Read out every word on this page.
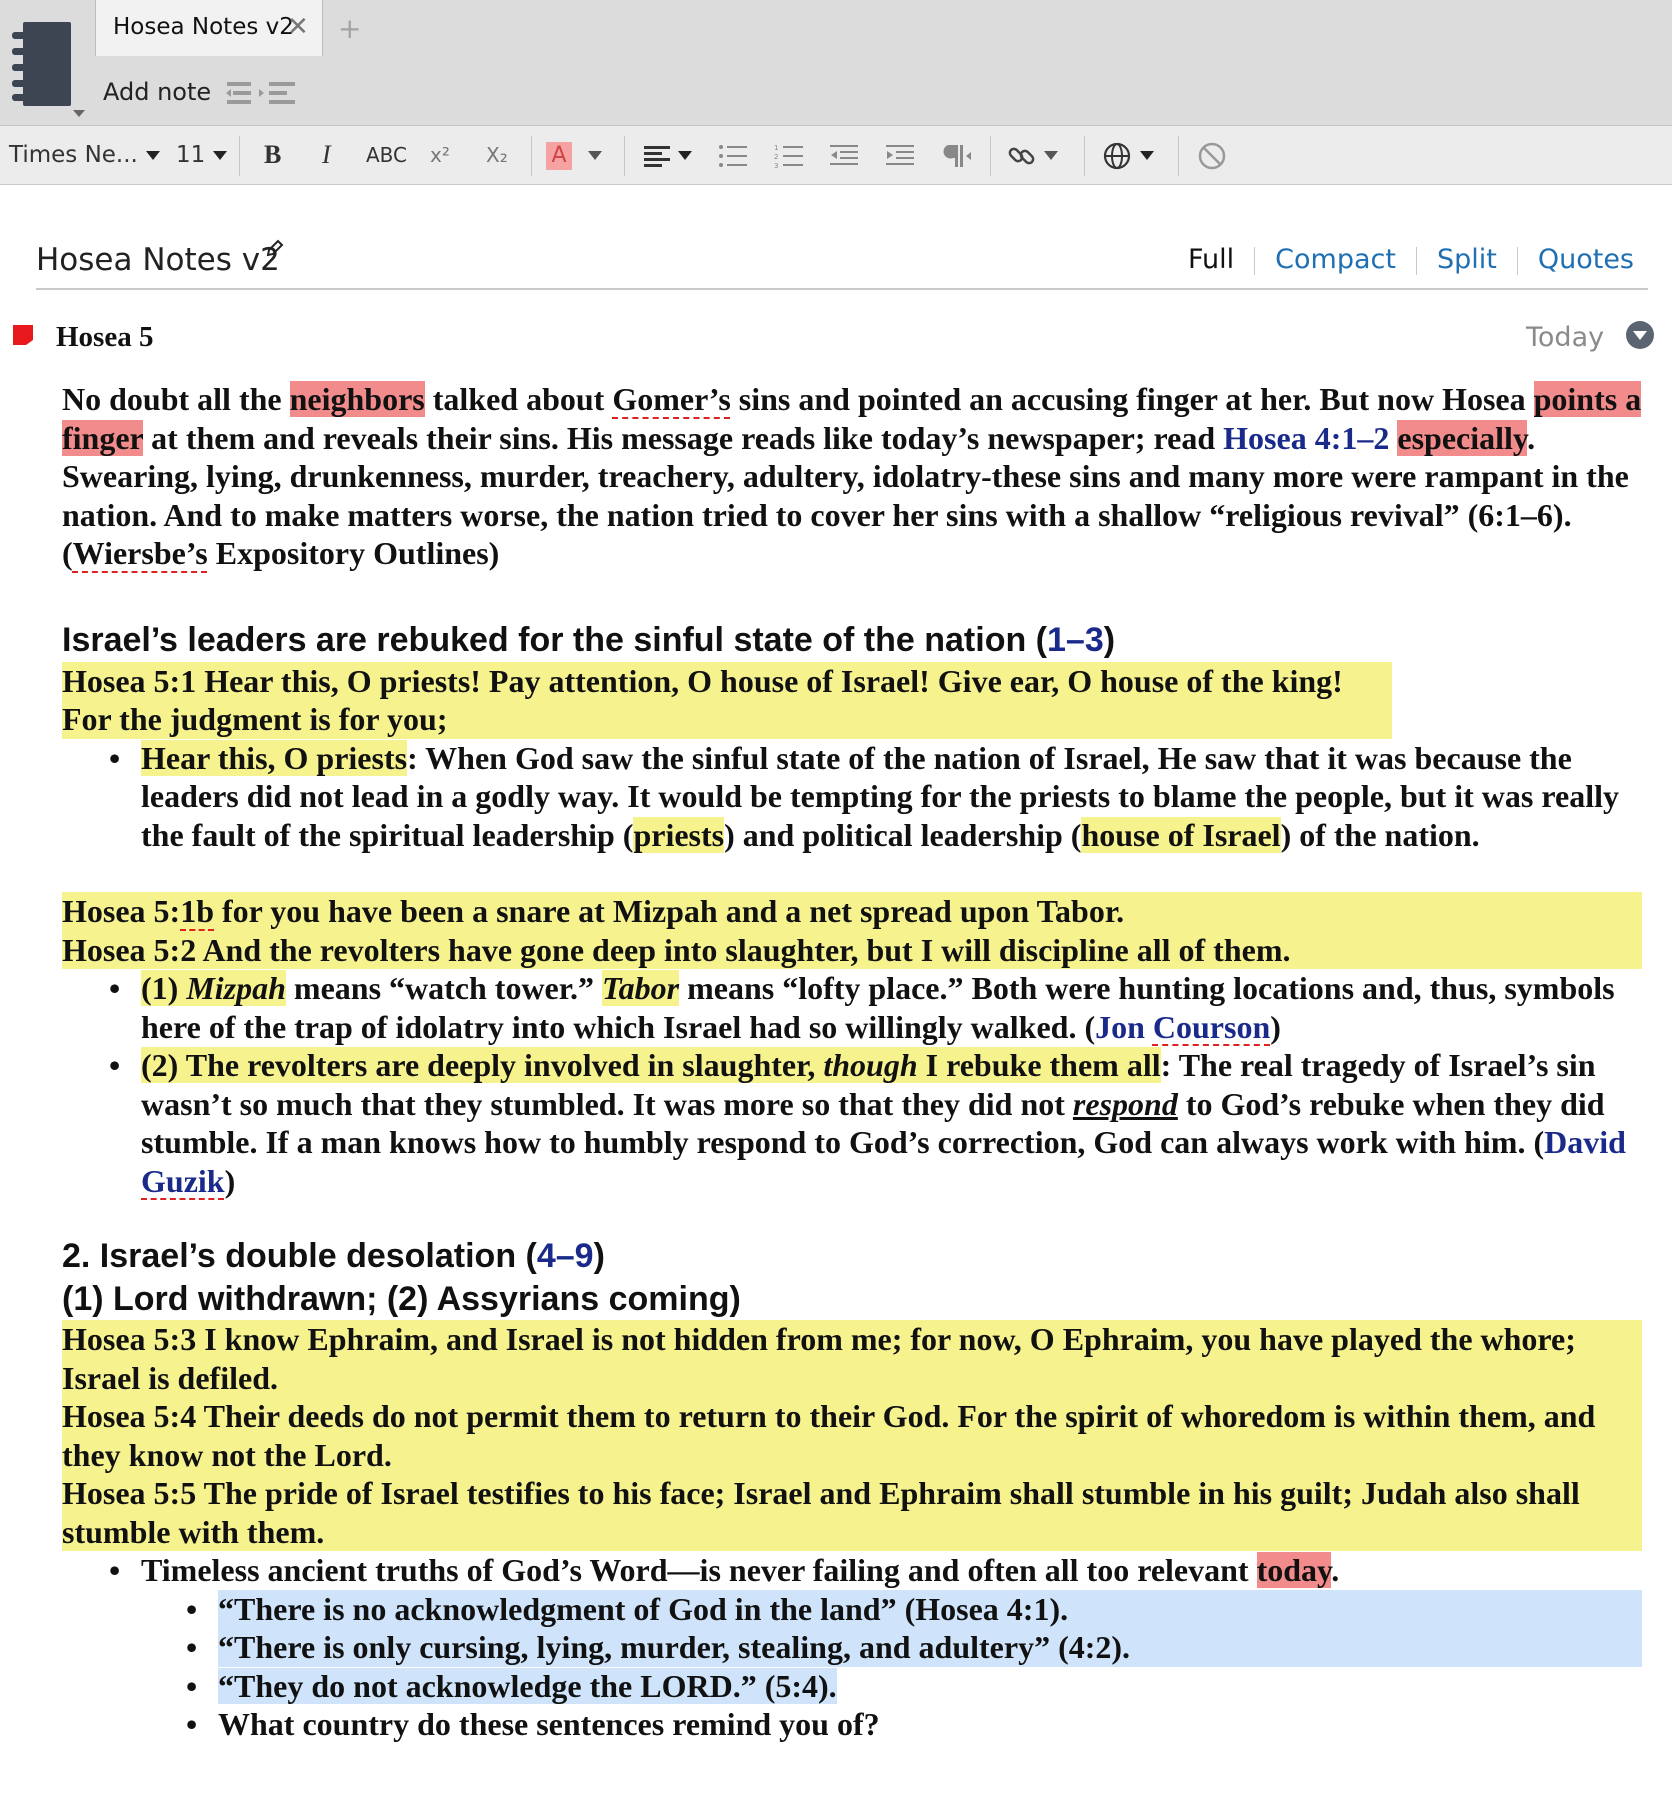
Hosea Notes v2
✕ +
Add note
Times Ne...	11	B I ABC x² X₂ A	1
2
3
Hosea Notes v2	Full Compact Split Quotes
Hosea 5	Today

No doubt all the neighbors talked about Gomer’s sins and pointed an accusing finger at her. But now Hosea points a finger at them and reveals their sins. His message reads like today’s newspaper; read Hosea 4:1–2 especially. Swearing, lying, drunkenness, murder, treachery, adultery, idolatry-these sins and many more were rampant in the nation. And to make matters worse, the nation tried to cover her sins with a shallow “religious revival” (6:1–6). (Wiersbe’s Expository Outlines)

Israel’s leaders are rebuked for the sinful state of the nation (1–3)
Hosea 5:1 Hear this, O priests! Pay attention, O house of Israel! Give ear, O house of the king! For the judgment is for you;
• Hear this, O priests: When God saw the sinful state of the nation of Israel, He saw that it was because the leaders did not lead in a godly way. It would be tempting for the priests to blame the people, but it was really the fault of the spiritual leadership (priests) and political leadership (house of Israel) of the nation.
Hosea 5:1b for you have been a snare at Mizpah and a net spread upon Tabor.
Hosea 5:2 And the revolters have gone deep into slaughter, but I will discipline all of them.
• (1) Mizpah means “watch tower.” Tabor means “lofty place.” Both were hunting locations and, thus, symbols here of the trap of idolatry into which Israel had so willingly walked. (Jon Courson)
• (2) The revolters are deeply involved in slaughter, though I rebuke them all: The real tragedy of Israel’s sin wasn’t so much that they stumbled. It was more so that they did not respond to God’s rebuke when they did stumble. If a man knows how to humbly respond to God’s correction, God can always work with him. (David Guzik)
2. Israel’s double desolation (4–9)
(1) Lord withdrawn; (2) Assyrians coming)
Hosea 5:3 I know Ephraim, and Israel is not hidden from me; for now, O Ephraim, you have played the whore; Israel is defiled.
Hosea 5:4 Their deeds do not permit them to return to their God. For the spirit of whoredom is within them, and they know not the Lord.
Hosea 5:5 The pride of Israel testifies to his face; Israel and Ephraim shall stumble in his guilt; Judah also shall stumble with them.
• Timeless ancient truths of God’s Word—is never failing and often all too relevant today.
• “There is no acknowledgment of God in the land” (Hosea 4:1).
• “There is only cursing, lying, murder, stealing, and adultery” (4:2).
• “They do not acknowledge the LORD.” (5:4).
• What country do these sentences remind you of?
